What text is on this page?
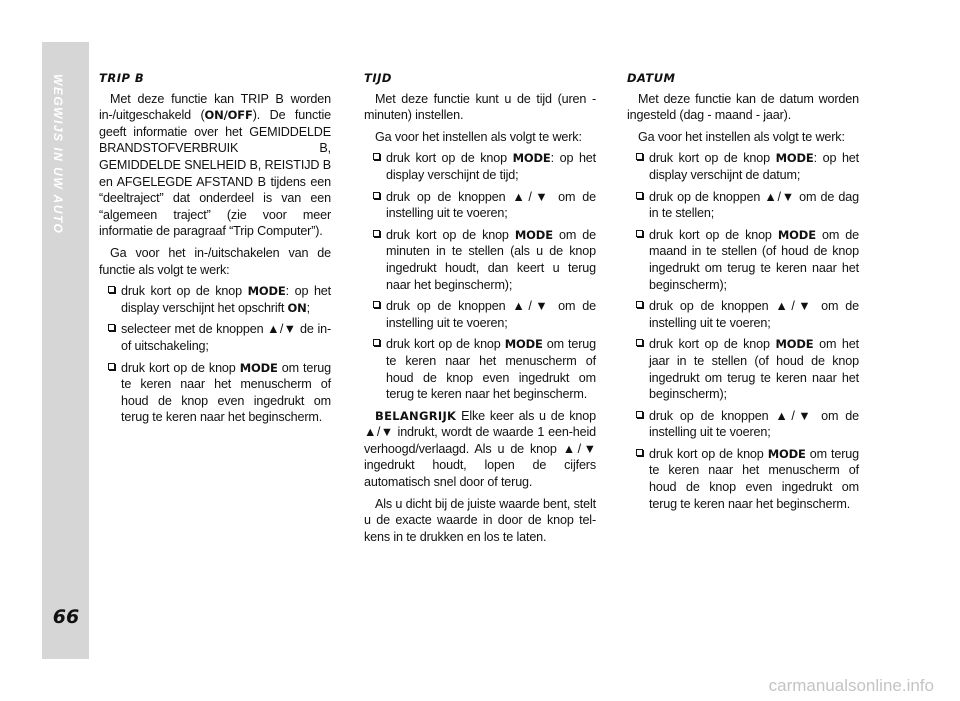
WEGWIJS IN UW AUTO
66
TRIP B

Met deze functie kan TRIP B worden in-/uitgeschakeld (ON/OFF). De functie geeft informatie over het GEMIDDELDE BRANDSTOFVERBRUIK B, GEMIDDELDE SNELHEID B, REISTIJD B en AFGELEGDE AFSTAND B tijdens een “deeltraject” dat onderdeel is van een “algemeen traject” (zie voor meer informatie de paragraaf “Trip Computer”).

Ga voor het in-/uitschakelen van de functie als volgt te werk:

druk kort op de knop MODE: op het display verschijnt het opschrift ON;
selecteer met de knoppen ▲/▼ de in- of uitschakeling;
druk kort op de knop MODE om terug te keren naar het menuscherm of houd de knop even ingedrukt om terug te keren naar het beginscherm.
TIJD

Met deze functie kunt u de tijd (uren - minuten) instellen.

Ga voor het instellen als volgt te werk:

druk kort op de knop MODE: op het display verschijnt de tijd;
druk op de knoppen ▲/▼ om de instelling uit te voeren;
druk kort op de knop MODE om de minuten in te stellen (als u de knop ingedrukt houdt, dan keert u terug naar het beginscherm);
druk op de knoppen ▲/▼ om de instelling uit te voeren;
druk kort op de knop MODE om terug te keren naar het menuscherm of houd de knop even ingedrukt om terug te keren naar het beginscherm.

BELANGRIJK Elke keer als u de knop ▲/▼ indrukt, wordt de waarde 1 een-heid verhoogd/verlaagd. Als u de knop ▲/▼ ingedrukt houdt, lopen de cijfers automatisch snel door of terug.

Als u dicht bij de juiste waarde bent, stelt u de exacte waarde in door de knop tel-kens in te drukken en los te laten.

DATUM

Met deze functie kan de datum worden ingesteld (dag - maand - jaar).

Ga voor het instellen als volgt te werk:

druk kort op de knop MODE: op het display verschijnt de datum;
druk op de knoppen ▲/▼ om de dag in te stellen;
druk kort op de knop MODE om de maand in te stellen (of houd de knop ingedrukt om terug te keren naar het beginscherm);
druk op de knoppen ▲/▼ om de instelling uit te voeren;
druk kort op de knop MODE om het jaar in te stellen (of houd de knop ingedrukt om terug te keren naar het beginscherm);
druk op de knoppen ▲/▼ om de instelling uit te voeren;
druk kort op de knop MODE om terug te keren naar het menuscherm of houd de knop even ingedrukt om terug te keren naar het beginscherm.
carmanualsonline.info
